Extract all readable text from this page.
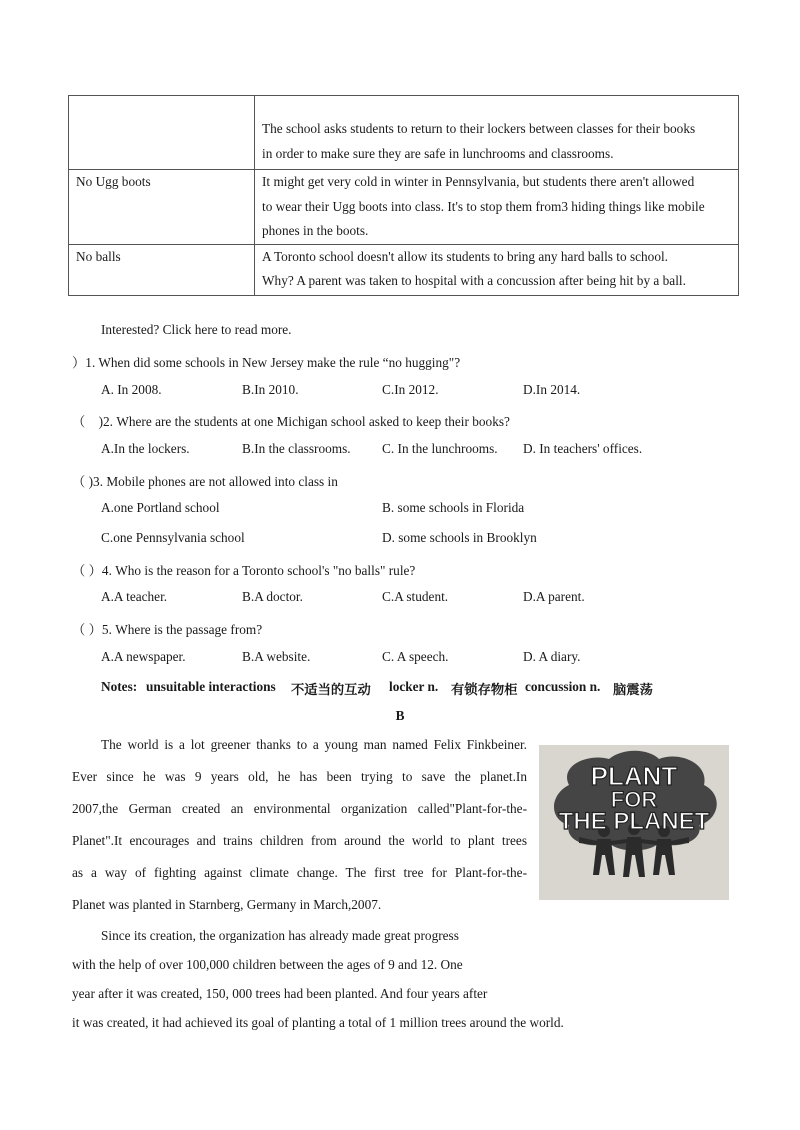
	The school asks students to return to their lockers between classes for their books

in order to make sure they are safe in lunchrooms and classrooms.

No Ugg boots	It might get very cold in winter in Pennsylvania, but students there aren't allowed

to wear their Ugg boots into class. It's to stop them from3 hiding things like mobile

phones in the boots.

No balls	A Toronto school doesn't allow its students to bring any hard balls to school.

Why? A parent was taken to hospital with a concussion after being hit by a ball.

Interested? Click here to read more.
）1. When did some schools in New Jersey make the rule “no hugging"?
A. In 2008.	B.In 2010.	C.In 2012.	D.In 2014.
（　)2. Where are the students at one Michigan school asked to keep their books?
A.In the lockers.	B.In the classrooms. C. In the lunchrooms. D. In teachers' offices.
（ )3. Mobile phones are not allowed into class in
A.one Portland school	B. some schools in Florida
C.one Pennsylvania school	D. some schools in Brooklyn
（ ）4. Who is the reason for a Toronto school's "no balls" rule?
A.A teacher.	B.A doctor.	C.A student.	D.A parent.
（ ）5. Where is the passage from?
A.A newspaper.	B.A website.	C. A speech.	D. A diary.
Notes: unsuitable interactions 不适当的互动 locker n. 有锁存物柜 concussion n. 脑震荡
B
The world is a lot greener thanks to a young man named Felix Finkbeiner.
Ever since he was 9 years old, he has been trying to save the planet.In
2007,the German created an environmental organization called"Plant-for-the-
Planet".It encourages and trains children from around the world to plant trees
as a way of fighting against climate change. The first tree for Plant-for-the-
Planet was planted in Starnberg, Germany in March,2007.
Since its creation, the organization has already made great progress
with the help of over 100,000 children between the ages of 9 and 12. One
year after it was created, 150, 000 trees had been planted. And four years after
it was created, it had achieved its goal of planting a total of 1 million trees around the world.
PLANT
FOR
THE PLANET
